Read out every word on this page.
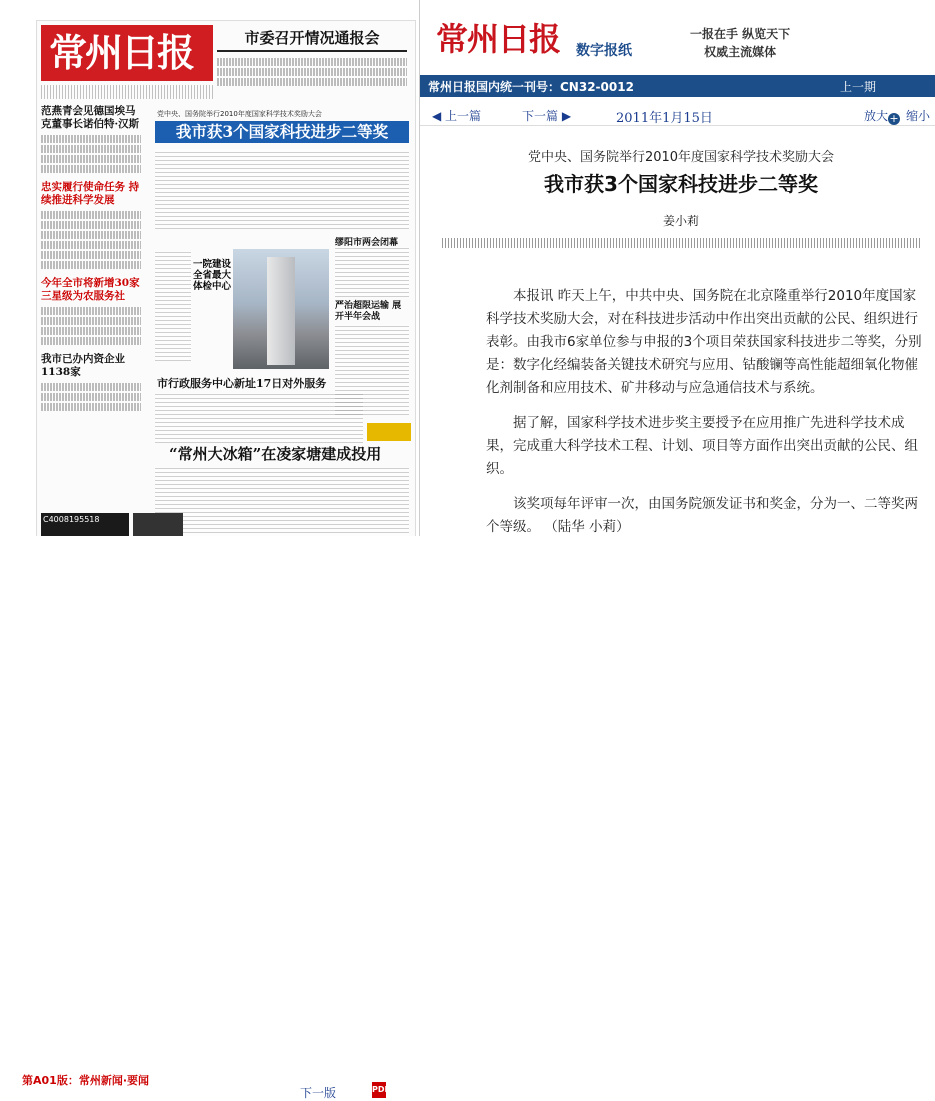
常州日报	市委召开情况通报会
范燕青会见德国埃马克董事长诺伯特·汉斯
忠实履行使命任务 持续推进科学发展
今年全市将新增30家三星级为农服务社
我市已办内资企业1138家
党中央、国务院举行2010年度国家科学技术奖励大会
我市获3个国家科技进步二等奖
一院建设全省最大体检中心
缪阳市两会闭幕
严治超限运输 展开半年会战
市行政服务中心新址17日对外服务
“常州大冰箱”在凌家塘建成投用
C4008195518
第A01版：常州新闻·要闻
下一版	PDF
常州日报 数字报纸
一报在手 纵览天下
权威主流媒体
常州日报国内统一刊号：CN32-0012	上一期
◀ 上一篇	下一篇 ▶	2011年1月15日	放大+ 缩小
党中央、国务院举行2010年度国家科学技术奖励大会
我市获3个国家科技进步二等奖
姜小莉

本报讯 昨天上午，中共中央、国务院在北京隆重举行2010年度国家科学技术奖励大会，对在科技进步活动中作出突出贡献的公民、组织进行表彰。由我市6家单位参与申报的3个项目荣获国家科技进步二等奖，分别是：数字化经编装备关键技术研究与应用、钴酸镧等高性能超细氧化物催化剂制备和应用技术、矿井移动与应急通信技术与系统。

据了解，国家科学技术进步奖主要授予在应用推广先进科学技术成果，完成重大科学技术工程、计划、项目等方面作出突出贡献的公民、组织。

该奖项每年评审一次，由国务院颁发证书和奖金，分为一、二等奖两个等级。 （陆华 小莉）
